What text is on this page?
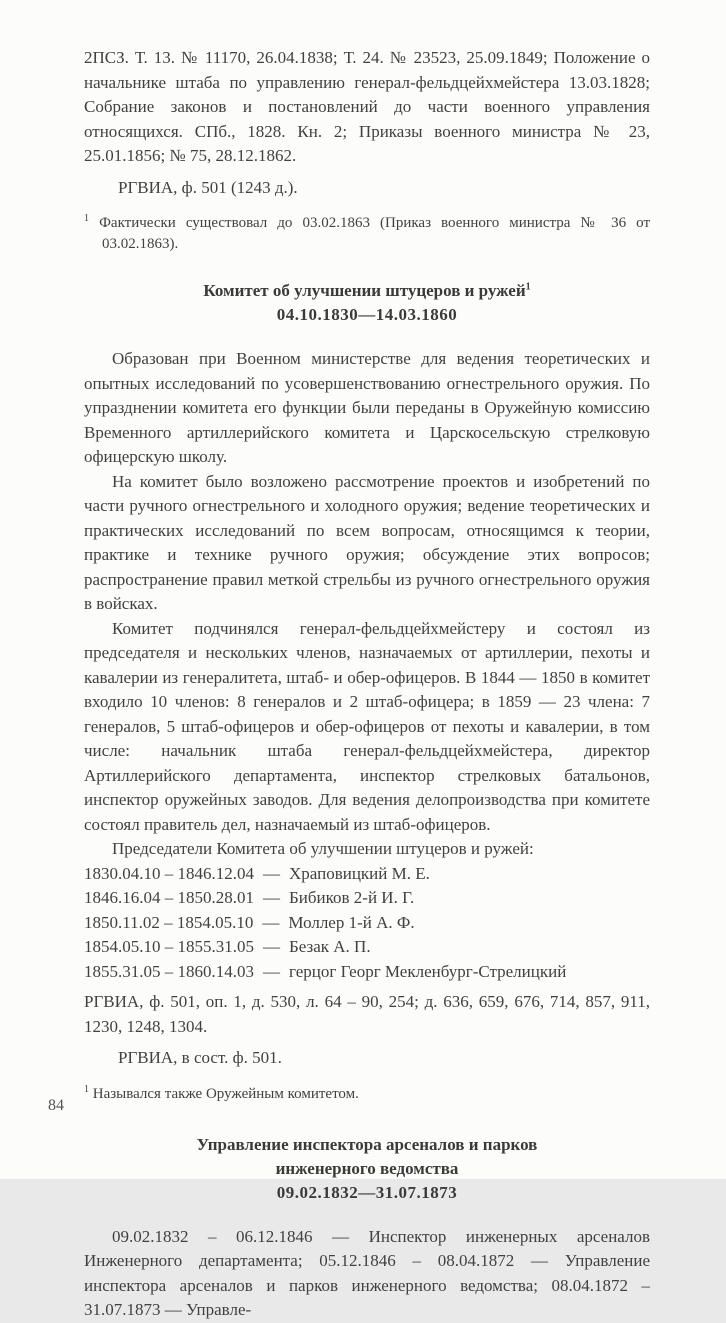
2ПСЗ. Т. 13. № 11170, 26.04.1838; Т. 24. № 23523, 25.09.1849; Положение о начальнике штаба по управлению генерал-фельдцейхмейстера 13.03.1828; Собрание законов и постановлений до части военного управления относящихся. СПб., 1828. Кн. 2; Приказы военного министра № 23, 25.01.1856; № 75, 28.12.1862.

РГВИА, ф. 501 (1243 д.).

$^1$ Фактически существовал до 03.02.1863 (Приказ военного министра № 36 от 03.02.1863).
Комитет об улучшении штуцеров и ружей$^1$
04.10.1830—14.03.1860

Образован при Военном министерстве для ведения теоретических и опытных исследований по усовершенствованию огнестрельного оружия. По упразднении комитета его функции были переданы в Оружейную комиссию Временного артиллерийского комитета и Царскосельскую стрелковую офицерскую школу.

На комитет было возложено рассмотрение проектов и изобретений по части ручного огнестрельного и холодного оружия; ведение теоретических и практических исследований по всем вопросам, относящимся к теории, практике и технике ручного оружия; обсуждение этих вопросов; распространение правил меткой стрельбы из ручного огнестрельного оружия в войсках.

Комитет подчинялся генерал-фельдцейхмейстеру и состоял из председателя и нескольких членов, назначаемых от артиллерии, пехоты и кавалерии из генералитета, штаб- и обер-офицеров. В 1844 — 1850 в комитет входило 10 членов: 8 генералов и 2 штаб-офицера; в 1859 — 23 члена: 7 генералов, 5 штаб-офицеров и обер-офицеров от пехоты и кавалерии, в том числе: начальник штаба генерал-фельдцейхмейстера, директор Артиллерийского департамента, инспектор стрелковых батальонов, инспектор оружейных заводов. Для ведения делопроизводства при комитете состоял правитель дел, назначаемый из штаб-офицеров.

Председатели Комитета об улучшении штуцеров и ружей:

1830.04.10 – 1846.12.04 — Храповицкий М. Е.
1846.16.04 – 1850.28.01 — Бибиков 2-й И. Г.
1850.11.02 – 1854.05.10 — Моллер 1-й А. Ф.
1854.05.10 – 1855.31.05 — Безак А. П.
1855.31.05 – 1860.14.03 — герцог Георг Мекленбург-Стрелицкий

РГВИА, ф. 501, оп. 1, д. 530, л. 64 – 90, 254; д. 636, 659, 676, 714, 857, 911, 1230, 1248, 1304.

РГВИА, в сост. ф. 501.

$^1$ Назывался также Оружейным комитетом.
Управление инспектора арсеналов и парков
инженерного ведомства
09.02.1832—31.07.1873

09.02.1832 – 06.12.1846 — Инспектор инженерных арсеналов Инженерного департамента; 05.12.1846 – 08.04.1872 — Управление инспектора арсеналов и парков инженерного ведомства; 08.04.1872 – 31.07.1873 — Управле-

84
